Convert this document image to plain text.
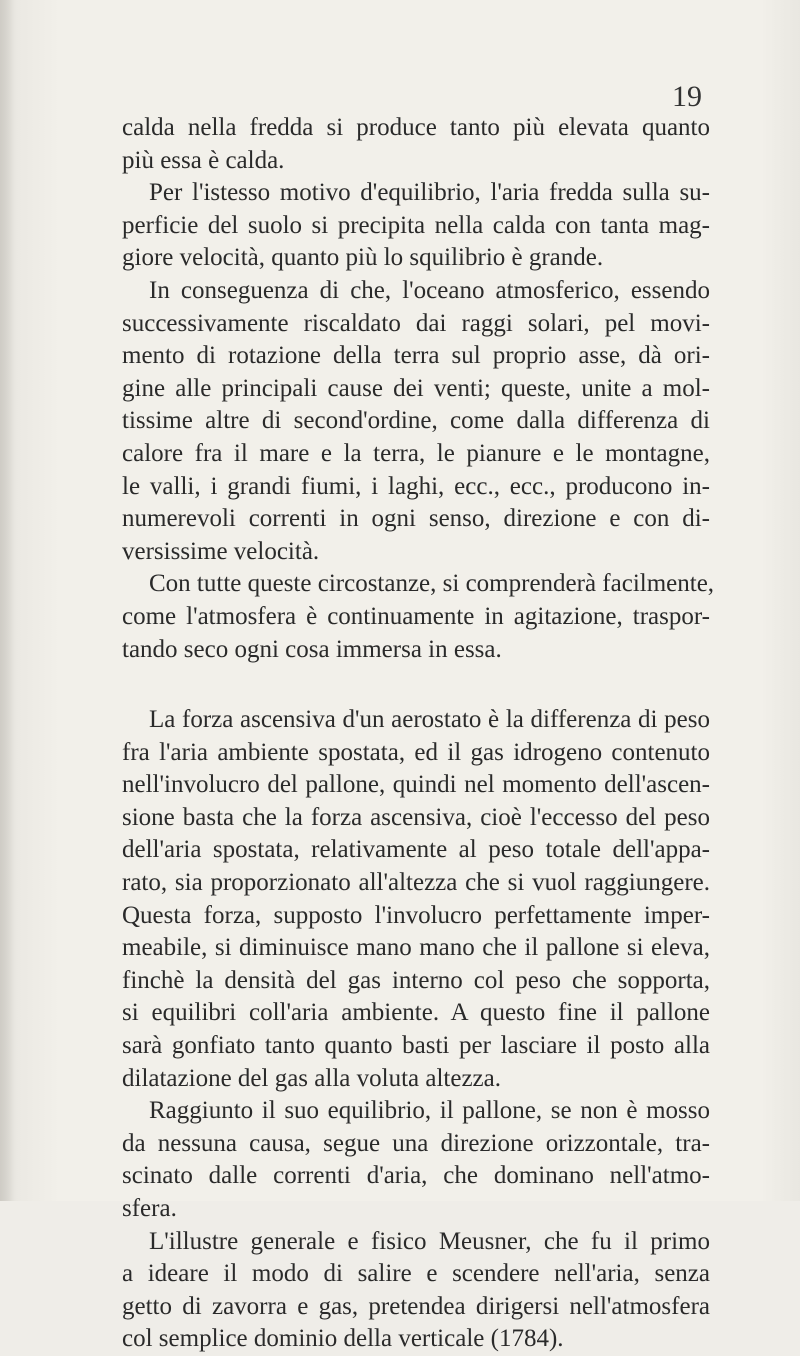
19
calda nella fredda si produce tanto più elevata quanto
più essa è calda.
Per l'istesso motivo d'equilibrio, l'aria fredda sulla su-
perficie del suolo si precipita nella calda con tanta mag-
giore velocità, quanto più lo squilibrio è grande.
In conseguenza di che, l'oceano atmosferico, essendo
successivamente riscaldato dai raggi solari, pel movi-
mento di rotazione della terra sul proprio asse, dà ori-
gine alle principali cause dei venti; queste, unite a mol-
tissime altre di second'ordine, come dalla differenza di
calore fra il mare e la terra, le pianure e le montagne,
le valli, i grandi fiumi, i laghi, ecc., ecc., producono in-
numerevoli correnti in ogni senso, direzione e con di-
versissime velocità.
Con tutte queste circostanze, si comprenderà facilmente,
come l'atmosfera è continuamente in agitazione, traspor-
tando seco ogni cosa immersa in essa.
La forza ascensiva d'un aerostato è la differenza di peso
fra l'aria ambiente spostata, ed il gas idrogeno contenuto
nell'involucro del pallone, quindi nel momento dell'ascen-
sione basta che la forza ascensiva, cioè l'eccesso del peso
dell'aria spostata, relativamente al peso totale dell'appa-
rato, sia proporzionato all'altezza che si vuol raggiungere.
Questa forza, supposto l'involucro perfettamente imper-
meabile, si diminuisce mano mano che il pallone si eleva,
finchè la densità del gas interno col peso che sopporta,
si equilibri coll'aria ambiente. A questo fine il pallone
sarà gonfiato tanto quanto basti per lasciare il posto alla
dilatazione del gas alla voluta altezza.
Raggiunto il suo equilibrio, il pallone, se non è mosso
da nessuna causa, segue una direzione orizzontale, tra-
scinato dalle correnti d'aria, che dominano nell'atmo-
sfera.
L'illustre generale e fisico Meusner, che fu il primo
a ideare il modo di salire e scendere nell'aria, senza
getto di zavorra e gas, pretendea dirigersi nell'atmosfera
col semplice dominio della verticale (1784).
